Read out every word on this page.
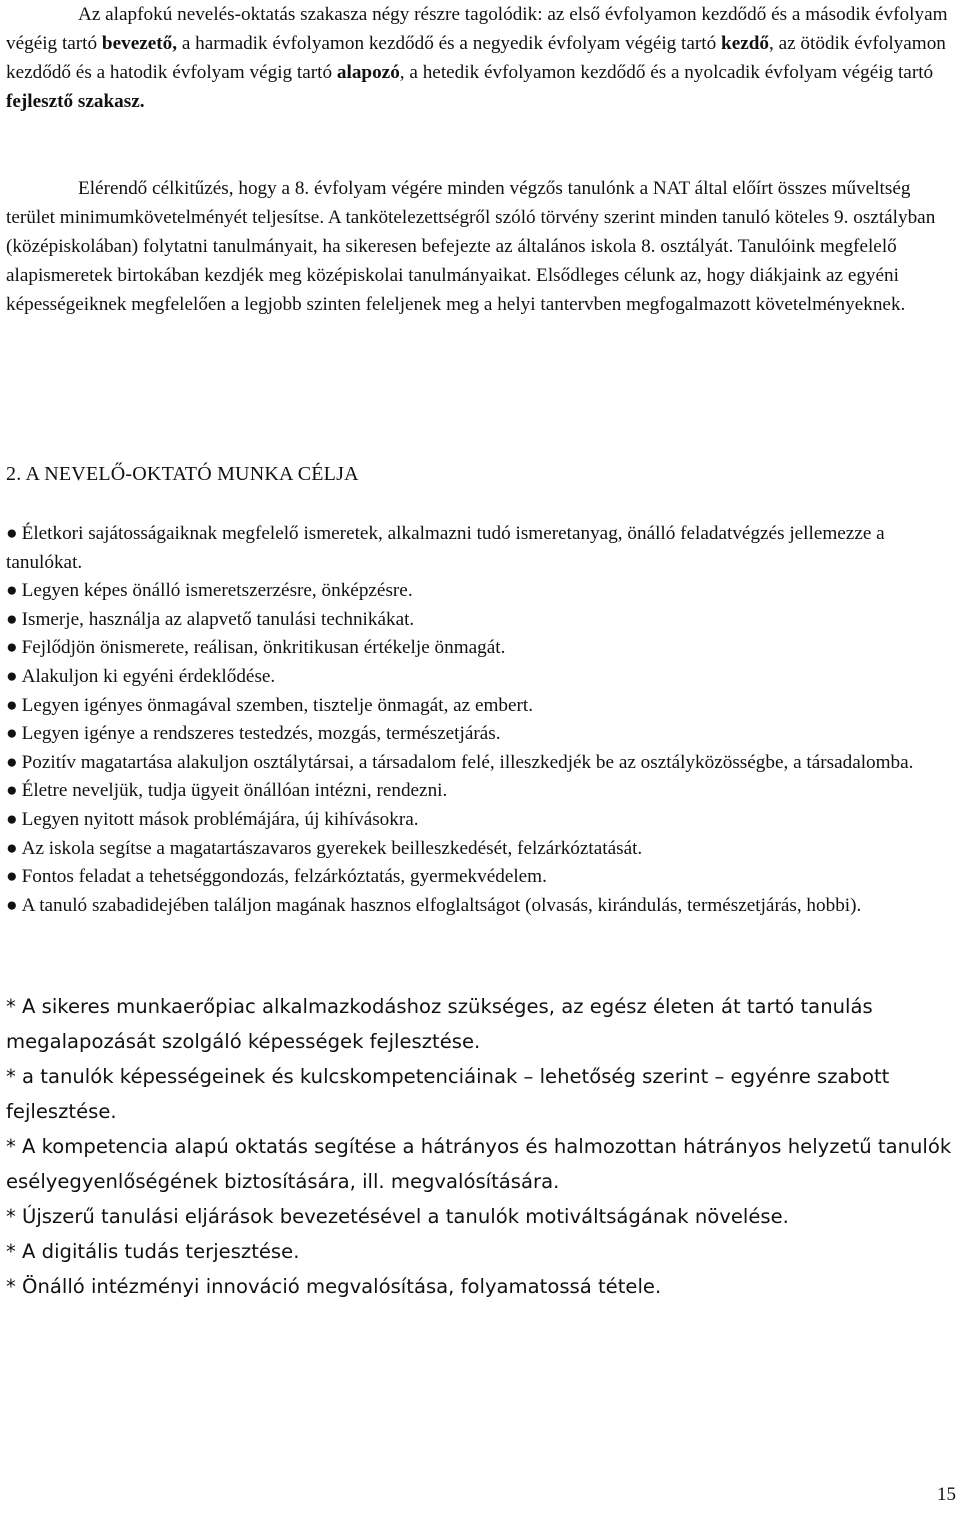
Az alapfokú nevelés-oktatás szakasza négy részre tagolódik: az első évfolyamon kezdődő és a második évfolyam végéig tartó bevezető, a harmadik évfolyamon kezdődő és a negyedik évfolyam végéig tartó kezdő, az ötödik évfolyamon kezdődő és a hatodik évfolyam végig tartó alapozó, a hetedik évfolyamon kezdődő és a nyolcadik évfolyam végéig tartó fejlesztő szakasz.

Elérendő célkitűzés, hogy a 8. évfolyam végére minden végzős tanulónk a NAT által előírt összes műveltség terület minimumkövetelményét teljesítse. A tankötelezettségről szóló törvény szerint minden tanuló köteles 9. osztályban (középiskolában) folytatni tanulmányait, ha sikeresen befejezte az általános iskola 8. osztályát. Tanulóink megfelelő alapismeretek birtokában kezdjék meg középiskolai tanulmányaikat. Elsődleges célunk az, hogy diákjaink az egyéni képességeiknek megfelelően a legjobb szinten feleljenek meg a helyi tantervben megfogalmazott követelményeknek.

2. A NEVELŐ-OKTATÓ MUNKA CÉLJA
● Életkori sajátosságaiknak megfelelő ismeretek, alkalmazni tudó ismeretanyag, önálló feladatvégzés jellemezze a tanulókat.
● Legyen képes önálló ismeretszerzésre, önképzésre.
● Ismerje, használja az alapvető tanulási technikákat.
● Fejlődjön önismerete, reálisan, önkritikusan értékelje önmagát.
● Alakuljon ki egyéni érdeklődése.
● Legyen igényes önmagával szemben, tisztelje önmagát, az embert.
● Legyen igénye a rendszeres testedzés, mozgás, természetjárás.
● Pozitív magatartása alakuljon osztálytársai, a társadalom felé, illeszkedjék be az osztályközösségbe, a társadalomba.
● Életre neveljük, tudja ügyeit önállóan intézni, rendezni.
● Legyen nyitott mások problémájára, új kihívásokra.
● Az iskola segítse a magatartászavaros gyerekek beilleszkedését, felzárkóztatását.
● Fontos feladat a tehetséggondozás, felzárkóztatás, gyermekvédelem.
● A tanuló szabadidejében találjon magának hasznos elfoglaltságot (olvasás, kirándulás, természetjárás, hobbi).
* A sikeres munkaerőpiac alkalmazkodáshoz szükséges, az egész életen át tartó tanulás megalapozását szolgáló képességek fejlesztése.
* a tanulók képességeinek és kulcskompetenciáinak – lehetőség szerint – egyénre szabott fejlesztése.
* A kompetencia alapú oktatás segítése a hátrányos és halmozottan hátrányos helyzetű tanulók esélyegyenlőségének biztosítására, ill. megvalósítására.
* Újszerű tanulási eljárások bevezetésével a tanulók motiváltságának növelése.
* A digitális tudás terjesztése.
* Önálló intézményi innováció megvalósítása, folyamatossá tétele.
15
